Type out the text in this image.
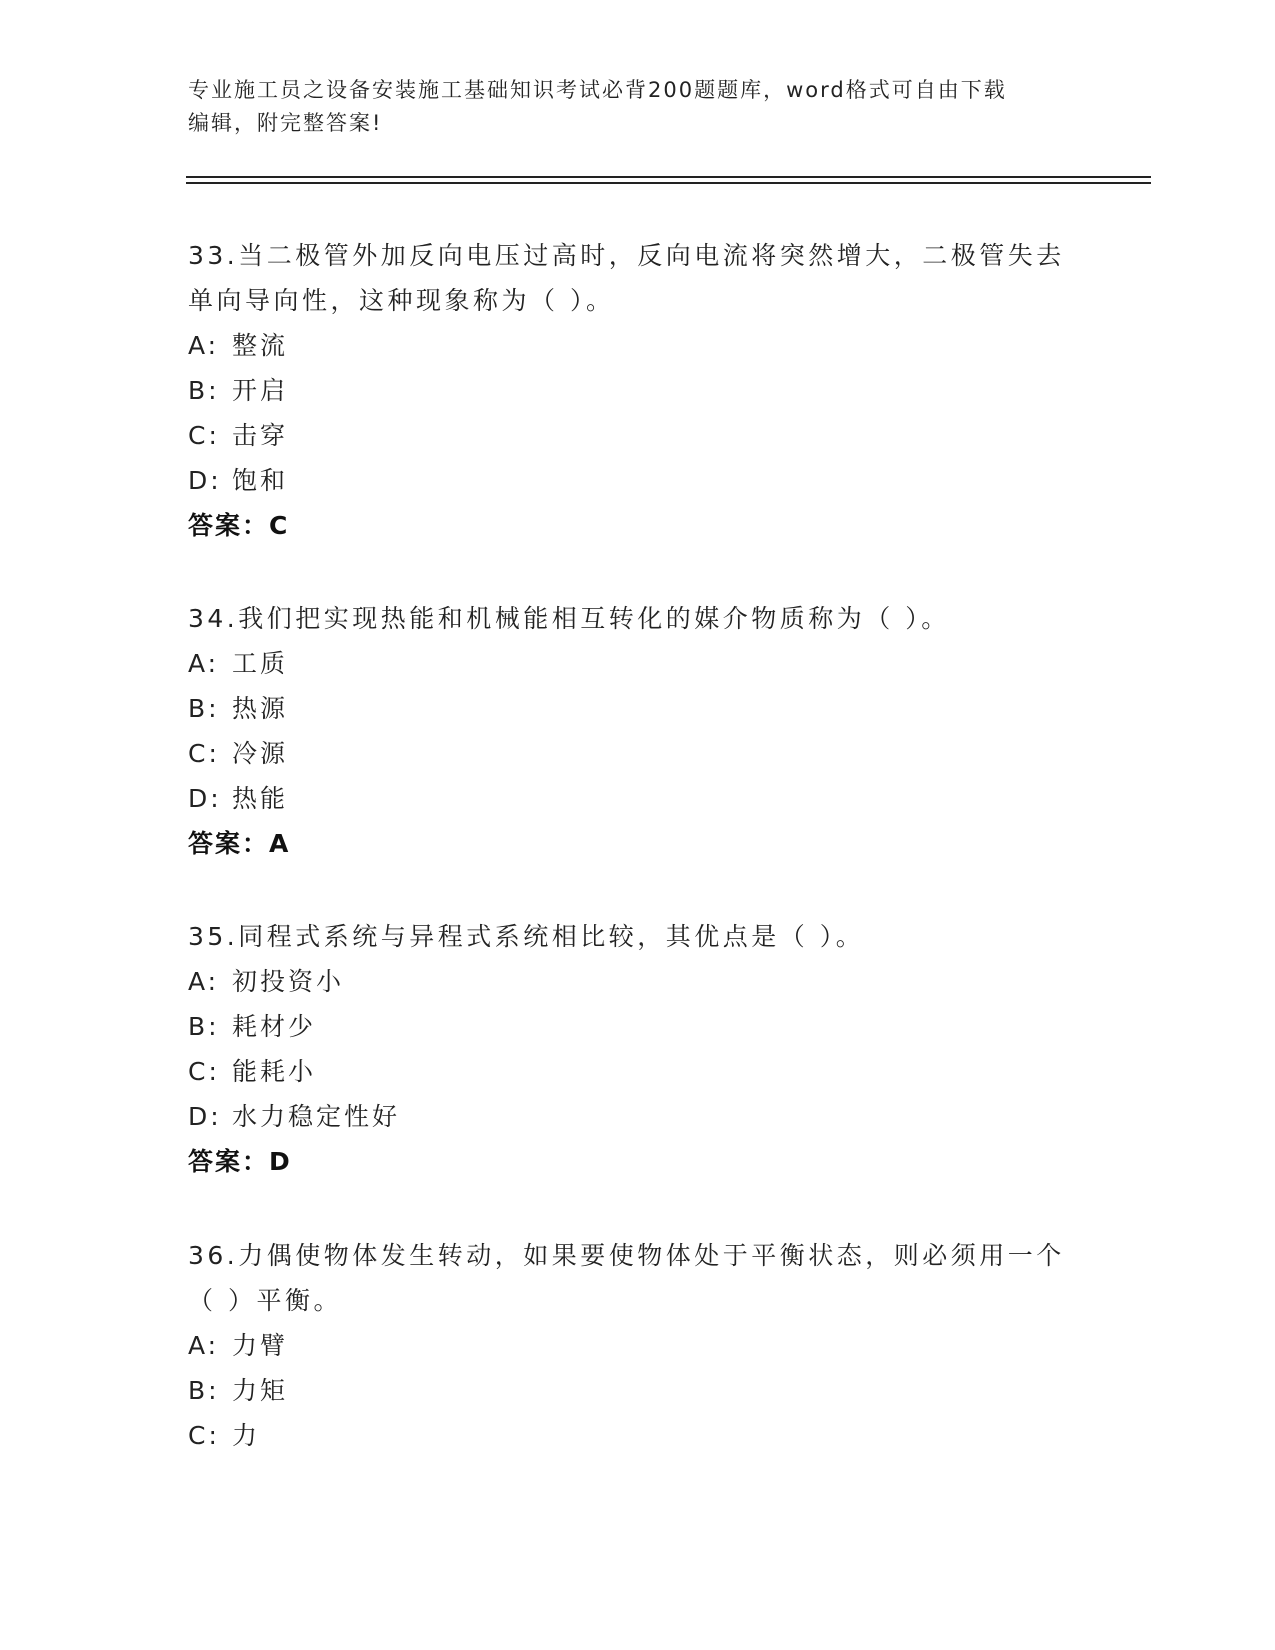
专业施工员之设备安装施工基础知识考试必背200题题库，word格式可自由下载
编辑，附完整答案!

33.当二极管外加反向电压过高时，反向电流将突然增大，二极管失去单向导向性，这种现象称为（ ）。

A: 整流

B: 开启

C: 击穿

D: 饱和

答案：C

34.我们把实现热能和机械能相互转化的媒介物质称为（ ）。

A: 工质

B: 热源

C: 冷源

D: 热能

答案：A

35.同程式系统与异程式系统相比较，其优点是（ ）。

A: 初投资小

B: 耗材少

C: 能耗小

D: 水力稳定性好

答案：D

36.力偶使物体发生转动，如果要使物体处于平衡状态，则必须用一个（ ）平衡。

A: 力臂

B: 力矩

C: 力
